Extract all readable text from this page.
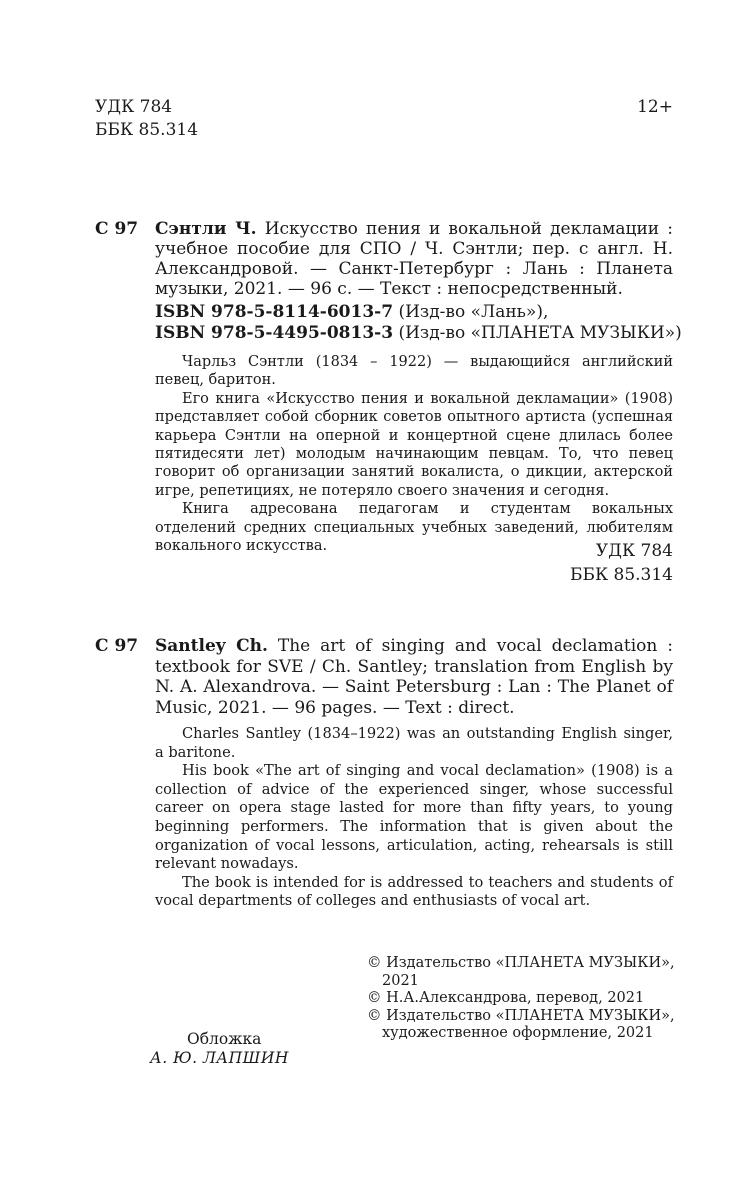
УДК 784
ББК 85.314
12+
С 97 Сэнтли Ч. Искусство пения и вокальной декламации : учебное пособие для СПО / Ч. Сэнтли; пер. с англ. Н. Александровой. — Санкт-Петербург : Лань : Планета музыки, 2021. — 96 с. — Текст : непосредственный.
ISBN 978-5-8114-6013-7 (Изд-во «Лань»),
ISBN 978-5-4495-0813-3 (Изд-во «ПЛАНЕТА МУЗЫКИ»)

Чарльз Сэнтли (1834 – 1922) — выдающийся английский певец, баритон.

Его книга «Искусство пения и вокальной декламации» (1908) представляет собой сборник советов опытного артиста (успешная карьера Сэнтли на оперной и концертной сцене длилась более пятидесяти лет) молодым начинающим певцам. То, что певец говорит об организации занятий вокалиста, о дикции, актерской игре, репетициях, не потеряло своего значения и сегодня.

Книга адресована педагогам и студентам вокальных отделений средних специальных учебных заведений, любителям вокального искусства.	УДК 784
ББК 85.314
С 97 Santley Ch. The art of singing and vocal declamation : textbook for SVE / Ch. Santley; translation from English by N. A. Alexandrova. — Saint Petersburg : Lan : The Planet of Music, 2021. — 96 pages. — Text : direct.

Charles Santley (1834–1922) was an outstanding English singer, a baritone.

His book «The art of singing and vocal declamation» (1908) is a collection of advice of the experienced singer, whose successful career on opera stage lasted for more than fifty years, to young beginning performers. The information that is given about the organization of vocal lessons, articulation, acting, rehearsals is still relevant nowadays.

The book is intended for is addressed to teachers and students of vocal departments of colleges and enthusiasts of vocal art.

© Издательство «ПЛАНЕТА МУЗЫКИ»,
2021
© Н.А.Александрова, перевод, 2021
© Издательство «ПЛАНЕТА МУЗЫКИ»,
художественное оформление, 2021
Обложка
А. Ю. ЛАПШИН
